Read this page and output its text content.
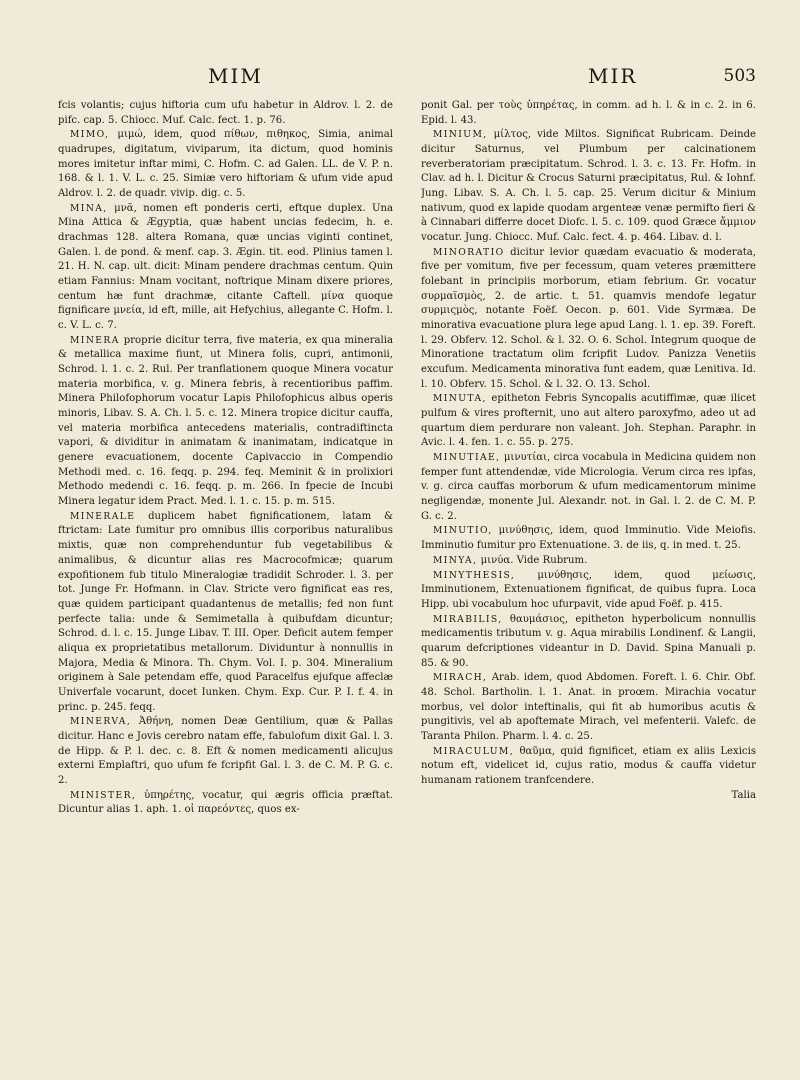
MIM	MIR	503

fcis volantis; cujus hiftoria cum ufu habetur in Aldrov. l. 2. de pifc. cap. 5. Chiocc. Muf. Calc. fect. 1. p. 76.

MIMO, μιμώ, idem, quod πίθων, πιθηκος, Simia, animal quadrupes, digitatum, viviparum, ita dictum, quod hominis mores imitetur inftar mimi, C. Hofm. C. ad Galen. LL. de V. P. n. 168. & l. 1. V. L. c. 25. Simiæ vero hiftoriam & ufum vide apud Aldrov. l. 2. de quadr. vivip. dig. c. 5.

MINA, μνᾶ, nomen eft ponderis certi, eftque duplex. Una Mina Attica & Ægyptia, quæ habent uncias fedecim, h. e. drachmas 128. altera Romana, quæ uncias viginti continet, Galen. l. de pond. & menf. cap. 3. Ægin. tit. eod. Plinius tamen l. 21. H. N. cap. ult. dicit: Minam pendere drachmas centum. Quin etiam Fannius: Mnam vocitant, noftrique Minam dixere priores, centum hæ funt drachmæ, citante Caftell. μίνα quoque fignificare μνεία, id eft, mille, ait Hefychius, allegante C. Hofm. l. c. V. L. c. 7.

MINERA proprie dicitur terra, five materia, ex qua mineralia & metallica maxime fiunt, ut Minera folis, cupri, antimonii, Schrod. l. 1. c. 2. Rul. Per tranflationem quoque Minera vocatur materia morbifica, v. g. Minera febris, à recentioribus paffim. Minera Philofophorum vocatur Lapis Philofophicus albus operis minoris, Libav. S. A. Ch. l. 5. c. 12. Minera tropice dicitur cauffa, vel materia morbifica antecedens materialis, contradiftincta vapori, & dividitur in animatam & inanimatam, indicatque in genere evacuationem, docente Capivaccio in Compendio Methodi med. c. 16. feqq. p. 294. feq. Meminit & in prolixiori Methodo medendi c. 16. feqq. p. m. 266. In fpecie de Incubi Minera legatur idem Pract. Med. l. 1. c. 15. p. m. 515.

MINERALE duplicem habet fignificationem, latam & ftrictam: Late fumitur pro omnibus illis corporibus naturalibus mixtis, quæ non comprehenduntur fub vegetabilibus & animalibus, & dicuntur alias res Macrocofmicæ; quarum expofitionem fub titulo Mineralogiæ tradidit Schroder. l. 3. per tot. Junge Fr. Hofmann. in Clav. Stricte vero fignificat eas res, quæ quidem participant quadantenus de metallis; fed non funt perfecte talia: unde & Semimetalla à quibufdam dicuntur; Schrod. d. l. c. 15. Junge Libav. T. III. Oper. Deficit autem femper aliqua ex proprietatibus metallorum. Dividuntur à nonnullis in Majora, Media & Minora. Th. Chym. Vol. I. p. 304. Mineralium originem à Sale petendam effe, quod Paracelfus ejufque affeclæ Univerfale vocarunt, docet Iunken. Chym. Exp. Cur. P. I. f. 4. in princ. p. 245. feqq.

MINERVA, Ἀθήνη, nomen Deæ Gentilium, quæ & Pallas dicitur. Hanc e Jovis cerebro natam effe, fabulofum dixit Gal. l. 3. de Hipp. & P. l. dec. c. 8. Eft & nomen medicamenti alicujus externi Emplaftri, quo ufum fe fcripfit Gal. l. 3. de C. M. P. G. c. 2.

MINISTER, ὑπηρέτης, vocatur, qui ægris officia præftat. Dicuntur alias 1. aph. 1. οἱ παρεόντες, quos ex-

ponit Gal. per τοὺς ὑπηρέτας, in comm. ad h. l. & in c. 2. in 6. Epid. l. 43.

MINIUM, μίλτος, vide Miltos. Significat Rubricam. Deinde dicitur Saturnus, vel Plumbum per calcinationem reverberatoriam præcipitatum. Schrod. l. 3. c. 13. Fr. Hofm. in Clav. ad h. l. Dicitur & Crocus Saturni præcipitatus, Rul. & Iohnf. Jung. Libav. S. A. Ch. l. 5. cap. 25. Verum dicitur & Minium nativum, quod ex lapide quodam argenteæ venæ permifto fieri & à Cinnabari differre docet Diofc. l. 5. c. 109. quod Græce ἄμμιον vocatur. Jung. Chiocc. Muf. Calc. fect. 4. p. 464. Libav. d. l.

MINORATIO dicitur levior quædam evacuatio & moderata, five per vomitum, five per fecessum, quam veteres præmittere folebant in principiis morborum, etiam febrium. Gr. vocatur συρμαϊσμὸς, 2. de artic. t. 51. quamvis mendofe legatur συρμιςμὸς, notante Foëf. Oecon. p. 601. Vide Syrmæa. De minorativa evacuatione plura lege apud Lang. l. 1. ep. 39. Foreft. l. 29. Obferv. 12. Schol. & l. 32. O. 6. Schol. Integrum quoque de Minoratione tractatum olim fcripfit Ludov. Panizza Venetiis excufum. Medicamenta minorativa funt eadem, quæ Lenitiva. Id. l. 10. Obferv. 15. Schol. & l. 32. O. 13. Schol.

MINUTA, epitheton Febris Syncopalis acutiffimæ, quæ ilicet pulfum & vires profternit, uno aut altero paroxyfmo, adeo ut ad quartum diem perdurare non valeant. Joh. Stephan. Paraphr. in Avic. l. 4. fen. 1. c. 55. p. 275.

MINUTIAE, μινυτίαι, circa vocabula in Medicina quidem non femper funt attendendæ, vide Micrologia. Verum circa res ipfas, v. g. circa cauffas morborum & ufum medicamentorum minime negligendæ, monente Jul. Alexandr. not. in Gal. l. 2. de C. M. P. G. c. 2.

MINUTIO, μινύθησις, idem, quod Imminutio. Vide Meiofis. Imminutio fumitur pro Extenuatione. 3. de iis, q. in med. t. 25.

MINYA, μινύα. Vide Rubrum.

MINYTHESIS, μινύθησις, idem, quod μείωσις, Imminutionem, Extenuationem fignificat, de quibus fupra. Loca Hipp. ubi vocabulum hoc ufurpavit, vide apud Foëf. p. 415.

MIRABILIS, θαυμάσιος, epitheton hyperbolicum nonnullis medicamentis tributum v. g. Aqua mirabilis Londinenf. & Langii, quarum defcriptiones videantur in D. David. Spina Manuali p. 85. & 90.

MIRACH, Arab. idem, quod Abdomen. Foreft. l. 6. Chir. Obf. 48. Schol. Bartholin. l. 1. Anat. in proœm. Mirachia vocatur morbus, vel dolor inteftinalis, qui fit ab humoribus acutis & pungitivis, vel ab apoftemate Mirach, vel mefenterii. Valefc. de Taranta Philon. Pharm. l. 4. c. 25.

MIRACULUM, θαῦμα, quid fignificet, etiam ex aliis Lexicis notum eft, videlicet id, cujus ratio, modus & cauffa videtur humanam rationem tranfcendere.

Talia
